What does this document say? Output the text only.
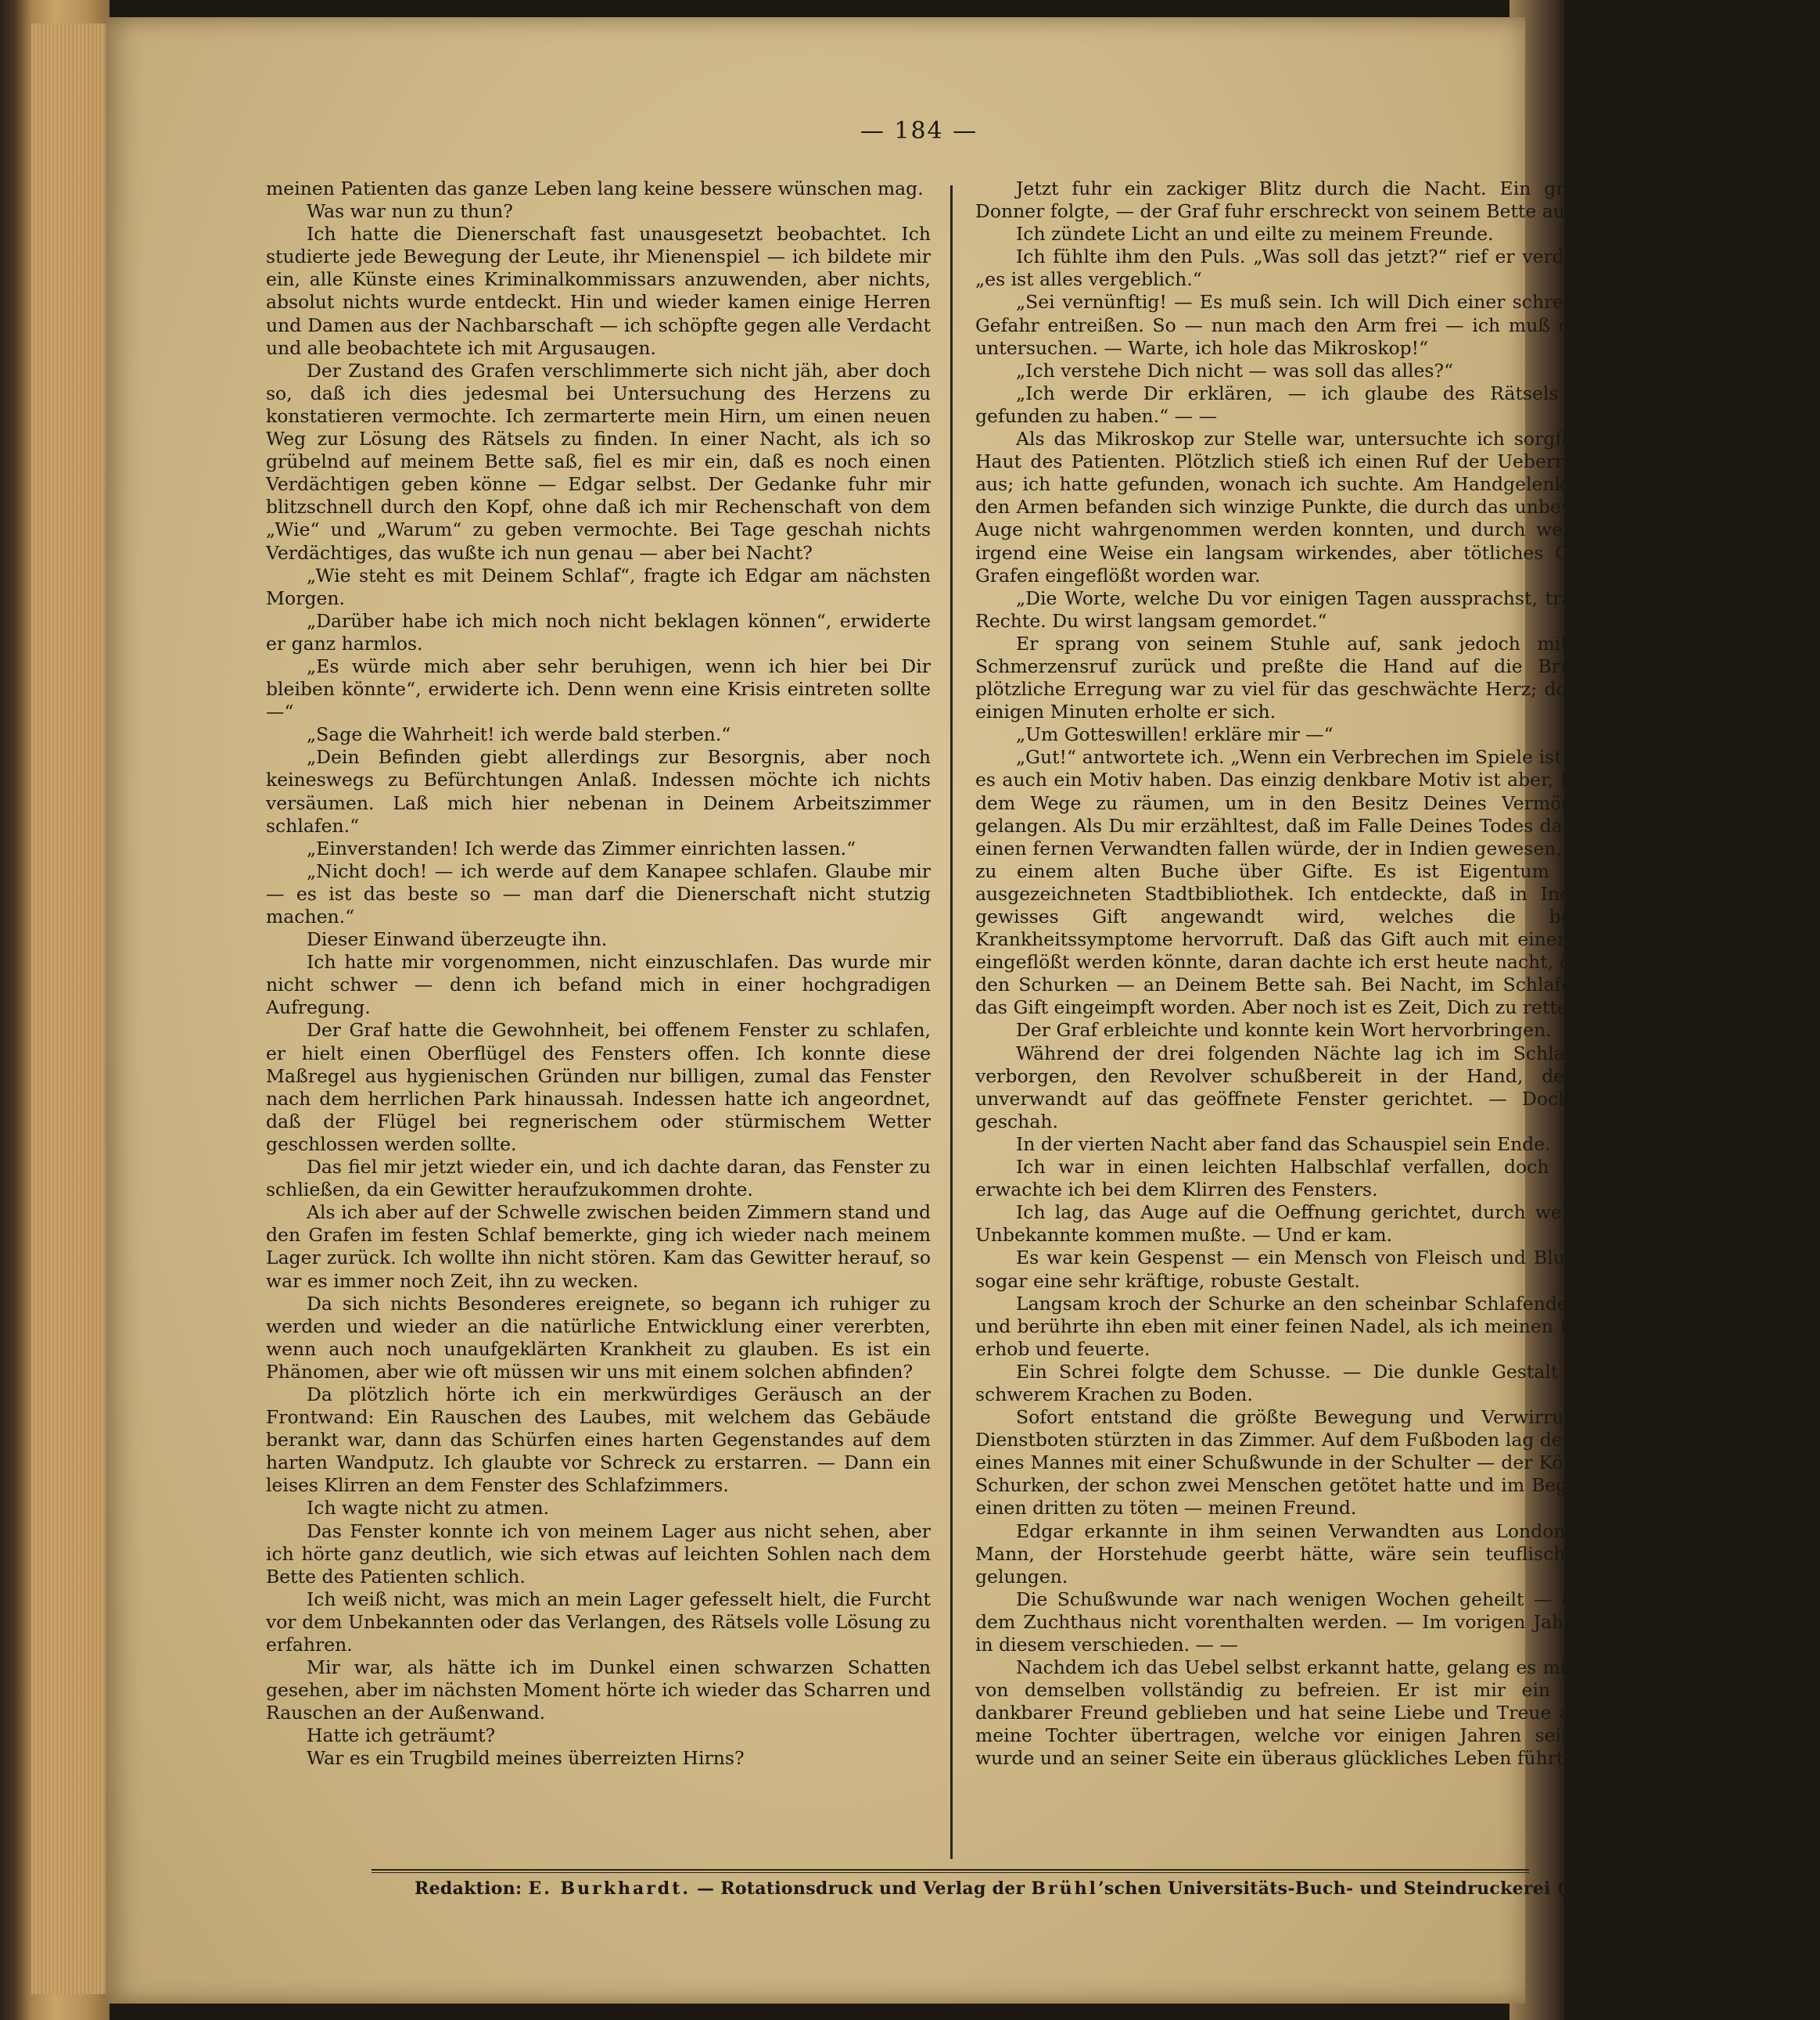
— 184 —

meinen Patienten das ganze Leben lang keine bessere wünschen mag.

Was war nun zu thun?

Ich hatte die Dienerschaft fast unausgesetzt beobachtet. Ich studierte jede Bewegung der Leute, ihr Mienenspiel — ich bildete mir ein, alle Künste eines Kriminalkommissars anzuwenden, aber nichts, absolut nichts wurde entdeckt. Hin und wieder kamen einige Herren und Damen aus der Nachbarschaft — ich schöpfte gegen alle Verdacht und alle beobachtete ich mit Argusaugen.

Der Zustand des Grafen verschlimmerte sich nicht jäh, aber doch so, daß ich dies jedesmal bei Untersuchung des Herzens zu konstatieren vermochte. Ich zermarterte mein Hirn, um einen neuen Weg zur Lösung des Rätsels zu finden. In einer Nacht, als ich so grübelnd auf meinem Bette saß, fiel es mir ein, daß es noch einen Verdächtigen geben könne — Edgar selbst. Der Gedanke fuhr mir blitzschnell durch den Kopf, ohne daß ich mir Rechenschaft von dem „Wie“ und „Warum“ zu geben vermochte. Bei Tage geschah nichts Verdächtiges, das wußte ich nun genau — aber bei Nacht?

„Wie steht es mit Deinem Schlaf“, fragte ich Edgar am nächsten Morgen.

„Darüber habe ich mich noch nicht beklagen können“, erwiderte er ganz harmlos.

„Es würde mich aber sehr beruhigen, wenn ich hier bei Dir bleiben könnte“, erwiderte ich. Denn wenn eine Krisis eintreten sollte —“

„Sage die Wahrheit! ich werde bald sterben.“

„Dein Befinden giebt allerdings zur Besorgnis, aber noch keineswegs zu Befürchtungen Anlaß. Indessen möchte ich nichts versäumen. Laß mich hier nebenan in Deinem Arbeitszimmer schlafen.“

„Einverstanden! Ich werde das Zimmer einrichten lassen.“

„Nicht doch! — ich werde auf dem Kanapee schlafen. Glaube mir — es ist das beste so — man darf die Dienerschaft nicht stutzig machen.“

Dieser Einwand überzeugte ihn.

Ich hatte mir vorgenommen, nicht einzuschlafen. Das wurde mir nicht schwer — denn ich befand mich in einer hochgradigen Aufregung.

Der Graf hatte die Gewohnheit, bei offenem Fenster zu schlafen, er hielt einen Oberflügel des Fensters offen. Ich konnte diese Maßregel aus hygienischen Gründen nur billigen, zumal das Fenster nach dem herrlichen Park hinaussah. Indessen hatte ich angeordnet, daß der Flügel bei regnerischem oder stürmischem Wetter geschlossen werden sollte.

Das fiel mir jetzt wieder ein, und ich dachte daran, das Fenster zu schließen, da ein Gewitter heraufzukommen drohte.

Als ich aber auf der Schwelle zwischen beiden Zimmern stand und den Grafen im festen Schlaf bemerkte, ging ich wieder nach meinem Lager zurück. Ich wollte ihn nicht stören. Kam das Gewitter herauf, so war es immer noch Zeit, ihn zu wecken.

Da sich nichts Besonderes ereignete, so begann ich ruhiger zu werden und wieder an die natürliche Entwicklung einer vererbten, wenn auch noch unaufgeklärten Krankheit zu glauben. Es ist ein Phänomen, aber wie oft müssen wir uns mit einem solchen abfinden?

Da plötzlich hörte ich ein merkwürdiges Geräusch an der Frontwand: Ein Rauschen des Laubes, mit welchem das Gebäude berankt war, dann das Schürfen eines harten Gegenstandes auf dem harten Wandputz. Ich glaubte vor Schreck zu erstarren. — Dann ein leises Klirren an dem Fenster des Schlafzimmers.

Ich wagte nicht zu atmen.

Das Fenster konnte ich von meinem Lager aus nicht sehen, aber ich hörte ganz deutlich, wie sich etwas auf leichten Sohlen nach dem Bette des Patienten schlich.

Ich weiß nicht, was mich an mein Lager gefesselt hielt, die Furcht vor dem Unbekannten oder das Verlangen, des Rätsels volle Lösung zu erfahren.

Mir war, als hätte ich im Dunkel einen schwarzen Schatten gesehen, aber im nächsten Moment hörte ich wieder das Scharren und Rauschen an der Außenwand.

Hatte ich geträumt?

War es ein Trugbild meines überreizten Hirns?

Jetzt fuhr ein zackiger Blitz durch die Nacht. Ein grollender Donner folgte, — der Graf fuhr erschreckt von seinem Bette auf.

Ich zündete Licht an und eilte zu meinem Freunde.

Ich fühlte ihm den Puls. „Was soll das jetzt?“ rief er verdrießlich, „es ist alles vergeblich.“

„Sei vernünftig! — Es muß sein. Ich will Dich einer schrecklichen Gefahr entreißen. So — nun mach den Arm frei — ich muß die Haut untersuchen. — Warte, ich hole das Mikroskop!“

„Ich verstehe Dich nicht — was soll das alles?“

„Ich werde Dir erklären, — ich glaube des Rätsels Lösung gefunden zu haben.“ — —

Als das Mikroskop zur Stelle war, untersuchte ich sorgfältig die Haut des Patienten. Plötzlich stieß ich einen Ruf der Ueberraschung aus; ich hatte gefunden, wonach ich suchte. Am Handgelenk und an den Armen befanden sich winzige Punkte, die durch das unbewaffnete Auge nicht wahrgenommen werden konnten, und durch welche auf irgend eine Weise ein langsam wirkendes, aber tötliches Gift dem Grafen eingeflößt worden war.

„Die Worte, welche Du vor einigen Tagen aussprachst, trafen das Rechte. Du wirst langsam gemordet.“

Er sprang von seinem Stuhle auf, sank jedoch mit einem Schmerzensruf zurück und preßte die Hand auf die Brust. Die plötzliche Erregung war zu viel für das geschwächte Herz; doch nach einigen Minuten erholte er sich.

„Um Gotteswillen! erkläre mir —“

„Gut!“ antwortete ich. „Wenn ein Verbrechen im Spiele ist, so muß es auch ein Motiv haben. Das einzig denkbare Motiv ist aber, Dich aus dem Wege zu räumen, um in den Besitz Deines Vermögens zu gelangen. Als Du mir erzähltest, daß im Falle Deines Todes das Gut an einen fernen Verwandten fallen würde, der in Indien gewesen, griff ich zu einem alten Buche über Gifte. Es ist Eigentum unserer ausgezeichneten Stadtbibliothek. Ich entdeckte, daß in Indien ein gewisses Gift angewandt wird, welches die bewußten Krankheitssymptome hervorruft. Daß das Gift auch mit einer Spritze eingeflößt werden könnte, daran dachte ich erst heute nacht, da ich — den Schurken — an Deinem Bette sah. Bei Nacht, im Schlafe ist Dir das Gift eingeimpft worden. Aber noch ist es Zeit, Dich zu retten.“

Der Graf erbleichte und konnte kein Wort hervorbringen.

Während der drei folgenden Nächte lag ich im Schlafzimmer verborgen, den Revolver schußbereit in der Hand, den Blick unverwandt auf das geöffnete Fenster gerichtet. — Doch nichts geschah.

In der vierten Nacht aber fand das Schauspiel sein Ende.

Ich war in einen leichten Halbschlaf verfallen, doch plötzlich erwachte ich bei dem Klirren des Fensters.

Ich lag, das Auge auf die Oeffnung gerichtet, durch welche der Unbekannte kommen mußte. — Und er kam.

Es war kein Gespenst — ein Mensch von Fleisch und Blut — und sogar eine sehr kräftige, robuste Gestalt.

Langsam kroch der Schurke an den scheinbar Schlafenden heran und berührte ihn eben mit einer feinen Nadel, als ich meinen Revolver erhob und feuerte.

Ein Schrei folgte dem Schusse. — Die dunkle Gestalt fiel mit schwerem Krachen zu Boden.

Sofort entstand die größte Bewegung und Verwirrung. Die Dienstboten stürzten in das Zimmer. Auf dem Fußboden lag der Körper eines Mannes mit einer Schußwunde in der Schulter — der Körper des Schurken, der schon zwei Menschen getötet hatte und im Begriff war, einen dritten zu töten — meinen Freund.

Edgar erkannte in ihm seinen Verwandten aus London — den Mann, der Horstehude geerbt hätte, wäre sein teuflischer Plan gelungen.

Die Schußwunde war nach wenigen Wochen geheilt — er sollte dem Zuchthaus nicht vorenthalten werden. — Im vorigen Jahre ist er in diesem verschieden. — —

Nachdem ich das Uebel selbst erkannt hatte, gelang es mir, Edgar von demselben vollständig zu befreien. Er ist mir ein wirklich dankbarer Freund geblieben und hat seine Liebe und Treue auch auf meine Tochter übertragen, welche vor einigen Jahren seine Frau wurde und an seiner Seite ein überaus glückliches Leben führt.“

Redaktion: E. Burkhardt. — Rotationsdruck und Verlag der Brühl’schen Universitäts-Buch- und Steindruckerei (Pietsch Erben) in Gießen.
